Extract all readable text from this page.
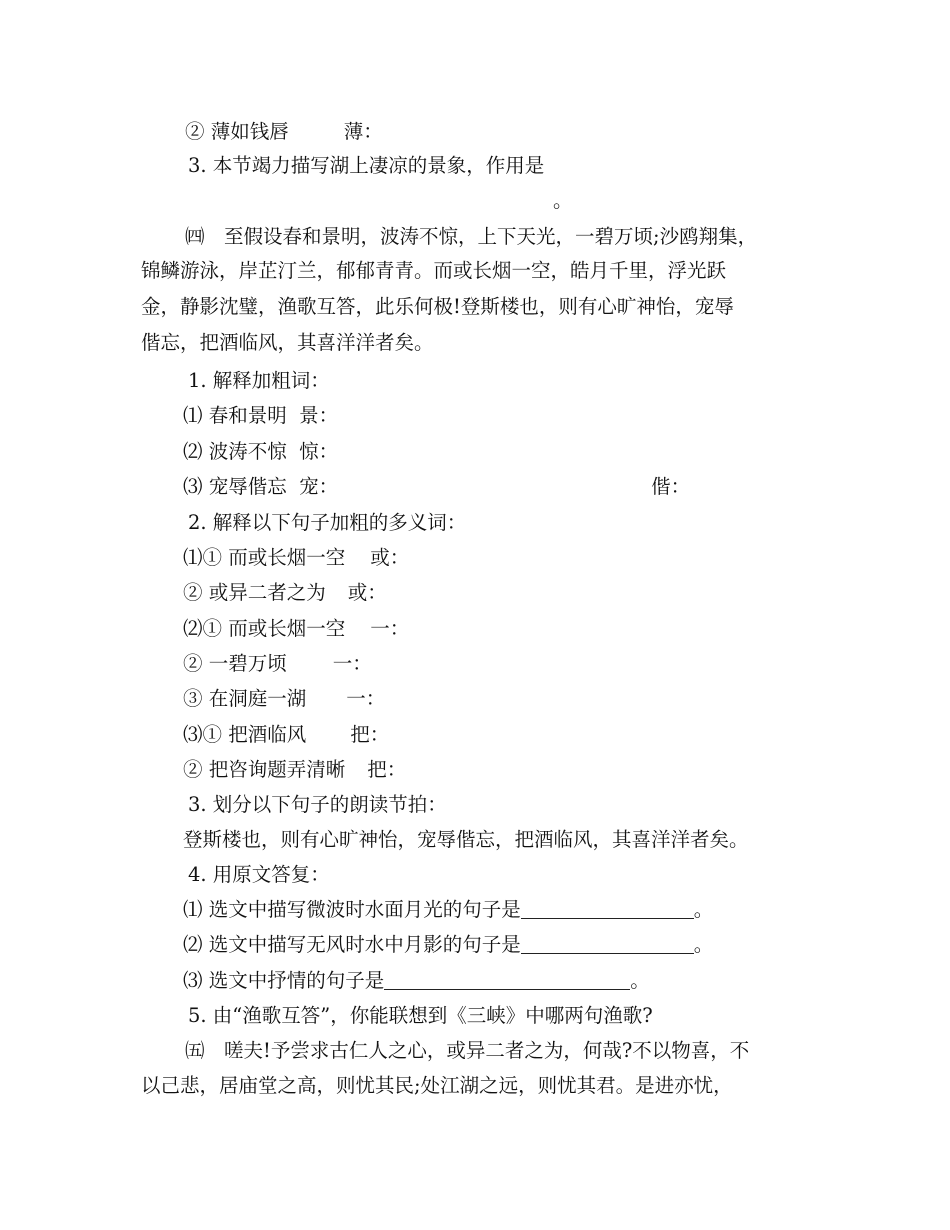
② 薄如钱唇	薄：
3. 本节竭力描写湖上凄凉的景象，作用是
。
㈣　至假设春和景明，波涛不惊，上下天光，一碧万顷;沙鸥翔集，
锦鳞游泳，岸芷汀兰，郁郁青青。而或长烟一空，皓月千里，浮光跃
金，静影沈璧，渔歌互答，此乐何极!登斯楼也，则有心旷神怡，宠辱
偕忘，把酒临风，其喜洋洋者矣。
1. 解释加粗词：
⑴ 春和景明  景：
⑵ 波涛不惊  惊：
⑶ 宠辱偕忘  宠：	偕：
2. 解释以下句子加粗的多义词：
⑴① 而或长烟一空 或：
② 或异二者之为 或：
⑵① 而或长烟一空 一：
② 一碧万顷 一：
③ 在洞庭一湖 一：
⑶① 把酒临风 把：
② 把咨询题弄清晰 把：
3. 划分以下句子的朗读节拍：
登斯楼也，则有心旷神怡，宠辱偕忘，把酒临风，其喜洋洋者矣。
4. 用原文答复：
⑴ 选文中描写微波时水面月光的句子是	。
⑵ 选文中描写无风时水中月影的句子是	。
⑶ 选文中抒情的句子是	。
5. 由“渔歌互答”，你能联想到《三峡》中哪两句渔歌?
㈤　嗟夫!予尝求古仁人之心，或异二者之为，何哉?不以物喜，不
以己悲，居庙堂之高，则忧其民;处江湖之远，则忧其君。是进亦忧，
